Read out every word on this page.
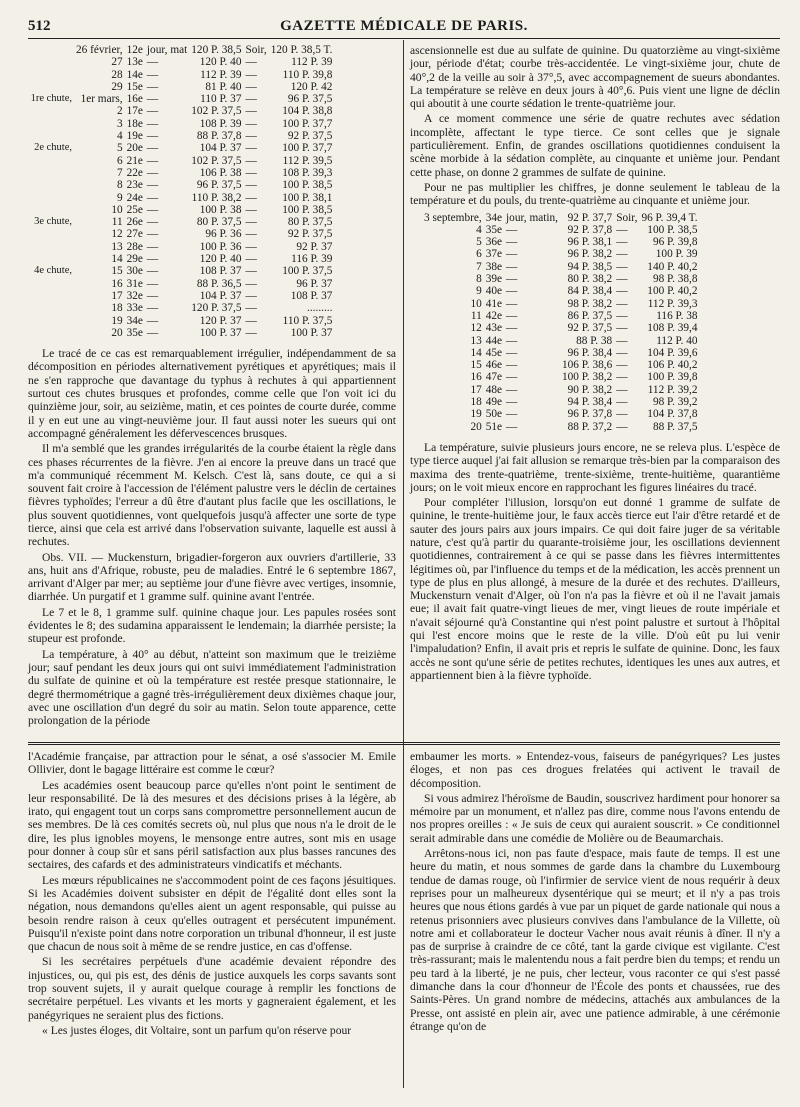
512	GAZETTE MÉDICALE DE PARIS.
	26 février,	12e	jour, mat	120 P. 38,5	Soir,	120 P. 38,5 T.
	27	13e	—	120 P. 40	—	112 P. 39
	28	14e	—	112 P. 39	—	110 P. 39,8
	29	15e	—	81 P. 40	—	120 P. 42
1re chute,	1er mars,	16e	—	110 P. 37	—	96 P. 37,5
	2	17e	—	102 P. 37,5	—	104 P. 38,8
	3	18e	—	108 P. 39	—	100 P. 37,7
	4	19e	—	88 P. 37,8	—	92 P. 37,5
2e chute,	5	20e	—	104 P. 37	—	100 P. 37,7
	6	21e	—	102 P. 37,5	—	112 P. 39,5
	7	22e	—	106 P. 38	—	108 P. 39,3
	8	23e	—	96 P. 37,5	—	100 P. 38,5
	9	24e	—	110 P. 38,2	—	100 P. 38,1
	10	25e	—	100 P. 38	—	100 P. 38,5
3e chute,	11	26e	—	80 P. 37,5	—	80 P. 37,5
	12	27e	—	96 P. 36	—	92 P. 37,5
	13	28e	—	100 P. 36	—	92 P. 37
	14	29e	—	120 P. 40	—	116 P. 39
4e chute,	15	30e	—	108 P. 37	—	100 P. 37,5
	16	31e	—	88 P. 36,5	—	96 P. 37
	17	32e	—	104 P. 37	—	108 P. 37
	18	33e	—	120 P. 37,5	—	.........
	19	34e	—	120 P. 37	—	110 P. 37,5
	20	35e	—	100 P. 37	—	100 P. 37

Le tracé de ce cas est remarquablement irrégulier, indépendamment de sa décomposition en périodes alternativement pyrétiques et apyrétiques; mais il ne s'en rapproche que davantage du typhus à rechutes à qui appartiennent surtout ces chutes brusques et profondes, comme celle que l'on voit ici du quinzième jour, soir, au seizième, matin, et ces pointes de courte durée, comme il y en eut une au vingt-neuvième jour. Il faut aussi noter les sueurs qui ont accompagné généralement les défervescences brusques.

Il m'a semblé que les grandes irrégularités de la courbe étaient la règle dans ces phases récurrentes de la fièvre. J'en ai encore la preuve dans un tracé que m'a communiqué récemment M. Kelsch. C'est là, sans doute, ce qui a si souvent fait croire à l'accession de l'élément palustre vers le déclin de certaines fièvres typhoïdes; l'erreur a dû être d'autant plus facile que les oscillations, le plus souvent quotidiennes, vont quelquefois jusqu'à affecter une sorte de type tierce, ainsi que cela est arrivé dans l'observation suivante, laquelle est aussi à rechutes.

Obs. VII. — Muckensturn, brigadier-forgeron aux ouvriers d'artillerie, 33 ans, huit ans d'Afrique, robuste, peu de maladies. Entré le 6 septembre 1867, arrivant d'Alger par mer; au septième jour d'une fièvre avec vertiges, insomnie, diarrhée. Un purgatif et 1 gramme sulf. quinine avant l'entrée.

Le 7 et le 8, 1 gramme sulf. quinine chaque jour. Les papules rosées sont évidentes le 8; des sudamina apparaissent le lendemain; la diarrhée persiste; la stupeur est profonde.

La température, à 40° au début, n'atteint son maximum que le treizième jour; sauf pendant les deux jours qui ont suivi immédiatement l'administration du sulfate de quinine et où la température est restée presque stationnaire, le degré thermométrique a gagné très-irrégulièrement deux dixièmes chaque jour, avec une oscillation d'un degré du soir au matin. Selon toute apparence, cette prolongation de la période

ascensionnelle est due au sulfate de quinine. Du quatorzième au vingt-sixième jour, période d'état; courbe très-accidentée. Le vingt-sixième jour, chute de 40°,2 de la veille au soir à 37°,5, avec accompagnement de sueurs abondantes. La température se relève en deux jours à 40°,6. Puis vient une ligne de déclin qui aboutit à une courte sédation le trente-quatrième jour.

A ce moment commence une série de quatre rechutes avec sédation incomplète, affectant le type tierce. Ce sont celles que je signale particulièrement. Enfin, de grandes oscillations quotidiennes conduisent la scène morbide à la sédation complète, au cinquante et unième jour. Pendant cette phase, on donne 2 grammes de sulfate de quinine.

Pour ne pas multiplier les chiffres, je donne seulement le tableau de la température et du pouls, du trente-quatrième au cinquante et unième jour.

3 septembre,	34e	jour, matin,	92 P. 37,7	Soir,	96 P. 39,4 T.
4	35e	—	92 P. 37,8	—	100 P. 38,5
5	36e	—	96 P. 38,1	—	96 P. 39,8
6	37e	—	96 P. 38,2	—	100 P. 39
7	38e	—	94 P. 38,5	—	140 P. 40,2
8	39e	—	80 P. 38,2	—	98 P. 38,8
9	40e	—	84 P. 38,4	—	100 P. 40,2
10	41e	—	98 P. 38,2	—	112 P. 39,3
11	42e	—	86 P. 37,5	—	116 P. 38
12	43e	—	92 P. 37,5	—	108 P. 39,4
13	44e	—	88 P. 38	—	112 P. 40
14	45e	—	96 P. 38,4	—	104 P. 39,6
15	46e	—	106 P. 38,6	—	106 P. 40,2
16	47e	—	100 P. 38,2	—	100 P. 39,8
17	48e	—	90 P. 38,2	—	112 P. 39,2
18	49e	—	94 P. 38,4	—	98 P. 39,2
19	50e	—	96 P. 37,8	—	104 P. 37,8
20	51e	—	88 P. 37,2	—	88 P. 37,5

La température, suivie plusieurs jours encore, ne se releva plus. L'espèce de type tierce auquel j'ai fait allusion se remarque très-bien par la comparaison des maxima des trente-quatrième, trente-sixième, trente-huitième, quarantième jours; on le voit mieux encore en rapprochant les figures linéaires du tracé.

Pour compléter l'illusion, lorsqu'on eut donné 1 gramme de sulfate de quinine, le trente-huitième jour, le faux accès tierce eut l'air d'être retardé et de sauter des jours pairs aux jours impairs. Ce qui doit faire juger de sa véritable nature, c'est qu'à partir du quarante-troisième jour, les oscillations deviennent quotidiennes, contrairement à ce qui se passe dans les fièvres intermittentes légitimes où, par l'influence du temps et de la médication, les accès prennent un type de plus en plus allongé, à mesure de la durée et des rechutes. D'ailleurs, Muckensturn venait d'Alger, où l'on n'a pas la fièvre et où il ne l'avait jamais eue; il avait fait quatre-vingt lieues de mer, vingt lieues de route impériale et n'avait séjourné qu'à Constantine qui n'est point palustre et surtout à l'hôpital qui l'est encore moins que le reste de la ville. D'où eût pu lui venir l'impaludation? Enfin, il avait pris et repris le sulfate de quinine. Donc, les faux accès ne sont qu'une série de petites rechutes, identiques les unes aux autres, et appartiennent bien à la fièvre typhoïde.

l'Académie française, par attraction pour le sénat, a osé s'associer M. Emile Ollivier, dont le bagage littéraire est comme le cœur?

Les académies osent beaucoup parce qu'elles n'ont point le sentiment de leur responsabilité. De là des mesures et des décisions prises à la légère, ab irato, qui engagent tout un corps sans compromettre personnellement aucun de ses membres. De là ces comités secrets où, nul plus que nous n'a le droit de le dire, les plus ignobles moyens, le mensonge entre autres, sont mis en usage pour donner à coup sûr et sans péril satisfaction aux plus basses rancunes des sectaires, des cafards et des administrateurs vindicatifs et méchants.

Les mœurs républicaines ne s'accommodent point de ces façons jésuitiques. Si les Académies doivent subsister en dépit de l'égalité dont elles sont la négation, nous demandons qu'elles aient un agent responsable, qui puisse au besoin rendre raison à ceux qu'elles outragent et persécutent impunément. Puisqu'il n'existe point dans notre corporation un tribunal d'honneur, il est juste que chacun de nous soit à même de se rendre justice, en cas d'offense.

Si les secrétaires perpétuels d'une académie devaient répondre des injustices, ou, qui pis est, des dénis de justice auxquels les corps savants sont trop souvent sujets, il y aurait quelque courage à remplir les fonctions de secrétaire perpétuel. Les vivants et les morts y gagneraient également, et les panégyriques ne seraient plus des fictions.

« Les justes éloges, dit Voltaire, sont un parfum qu'on réserve pour

embaumer les morts. » Entendez-vous, faiseurs de panégyriques? Les justes éloges, et non pas ces drogues frelatées qui activent le travail de décomposition.

Si vous admirez l'héroïsme de Baudin, souscrivez hardiment pour honorer sa mémoire par un monument, et n'allez pas dire, comme nous l'avons entendu de nos propres oreilles : « Je suis de ceux qui auraient souscrit. » Ce conditionnel serait admirable dans une comédie de Molière ou de Beaumarchais.

Arrêtons-nous ici, non pas faute d'espace, mais faute de temps. Il est une heure du matin, et nous sommes de garde dans la chambre du Luxembourg tendue de damas rouge, où l'infirmier de service vient de nous requérir à deux reprises pour un malheureux dysentérique qui se meurt; et il n'y a pas trois heures que nous étions gardés à vue par un piquet de garde nationale qui nous a retenus prisonniers avec plusieurs convives dans l'ambulance de la Villette, où notre ami et collaborateur le docteur Vacher nous avait réunis à dîner. Il n'y a pas de surprise à craindre de ce côté, tant la garde civique est vigilante. C'est très-rassurant; mais le malentendu nous a fait perdre bien du temps; et rendu un peu tard à la liberté, je ne puis, cher lecteur, vous raconter ce qui s'est passé dimanche dans la cour d'honneur de l'École des ponts et chaussées, rue des Saints-Pères. Un grand nombre de médecins, attachés aux ambulances de la Presse, ont assisté en plein air, avec une patience admirable, à une cérémonie étrange qu'on de
